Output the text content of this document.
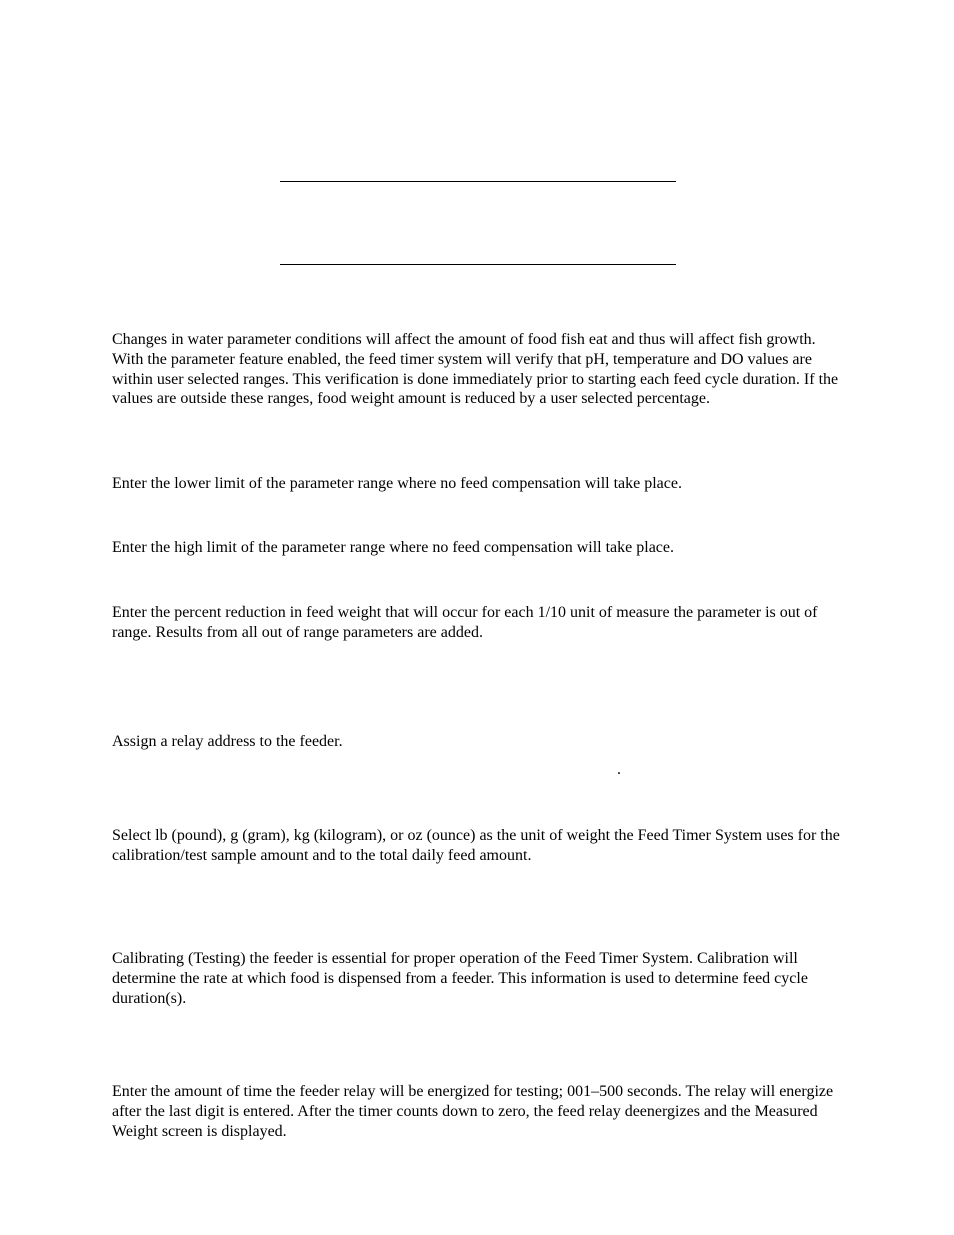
Changes in water parameter conditions will affect the amount of food fish eat and thus will affect fish growth. With the parameter feature enabled, the feed timer system will verify that pH, temperature and DO values are within user selected ranges. This verification is done immediately prior to starting each feed cycle duration. If the values are outside these ranges, food weight amount is reduced by a user selected percentage.

Enter the lower limit of the parameter range where no feed compensation will take place.

Enter the high limit of the parameter range where no feed compensation will take place.

Enter the percent reduction in feed weight that will occur for each 1/10 unit of measure the parameter is out of range. Results from all out of range parameters are added.

Assign a relay address to the feeder.

.

Select lb (pound), g (gram), kg (kilogram), or oz (ounce) as the unit of weight the Feed Timer System uses for the calibration/test sample amount and to the total daily feed amount.

Calibrating (Testing) the feeder is essential for proper operation of the Feed Timer System. Calibration will determine the rate at which food is dispensed from a feeder. This information is used to determine feed cycle duration(s).

Enter the amount of time the feeder relay will be energized for testing; 001–500 seconds. The relay will energize after the last digit is entered. After the timer counts down to zero, the feed relay deenergizes and the Measured Weight screen is displayed.
